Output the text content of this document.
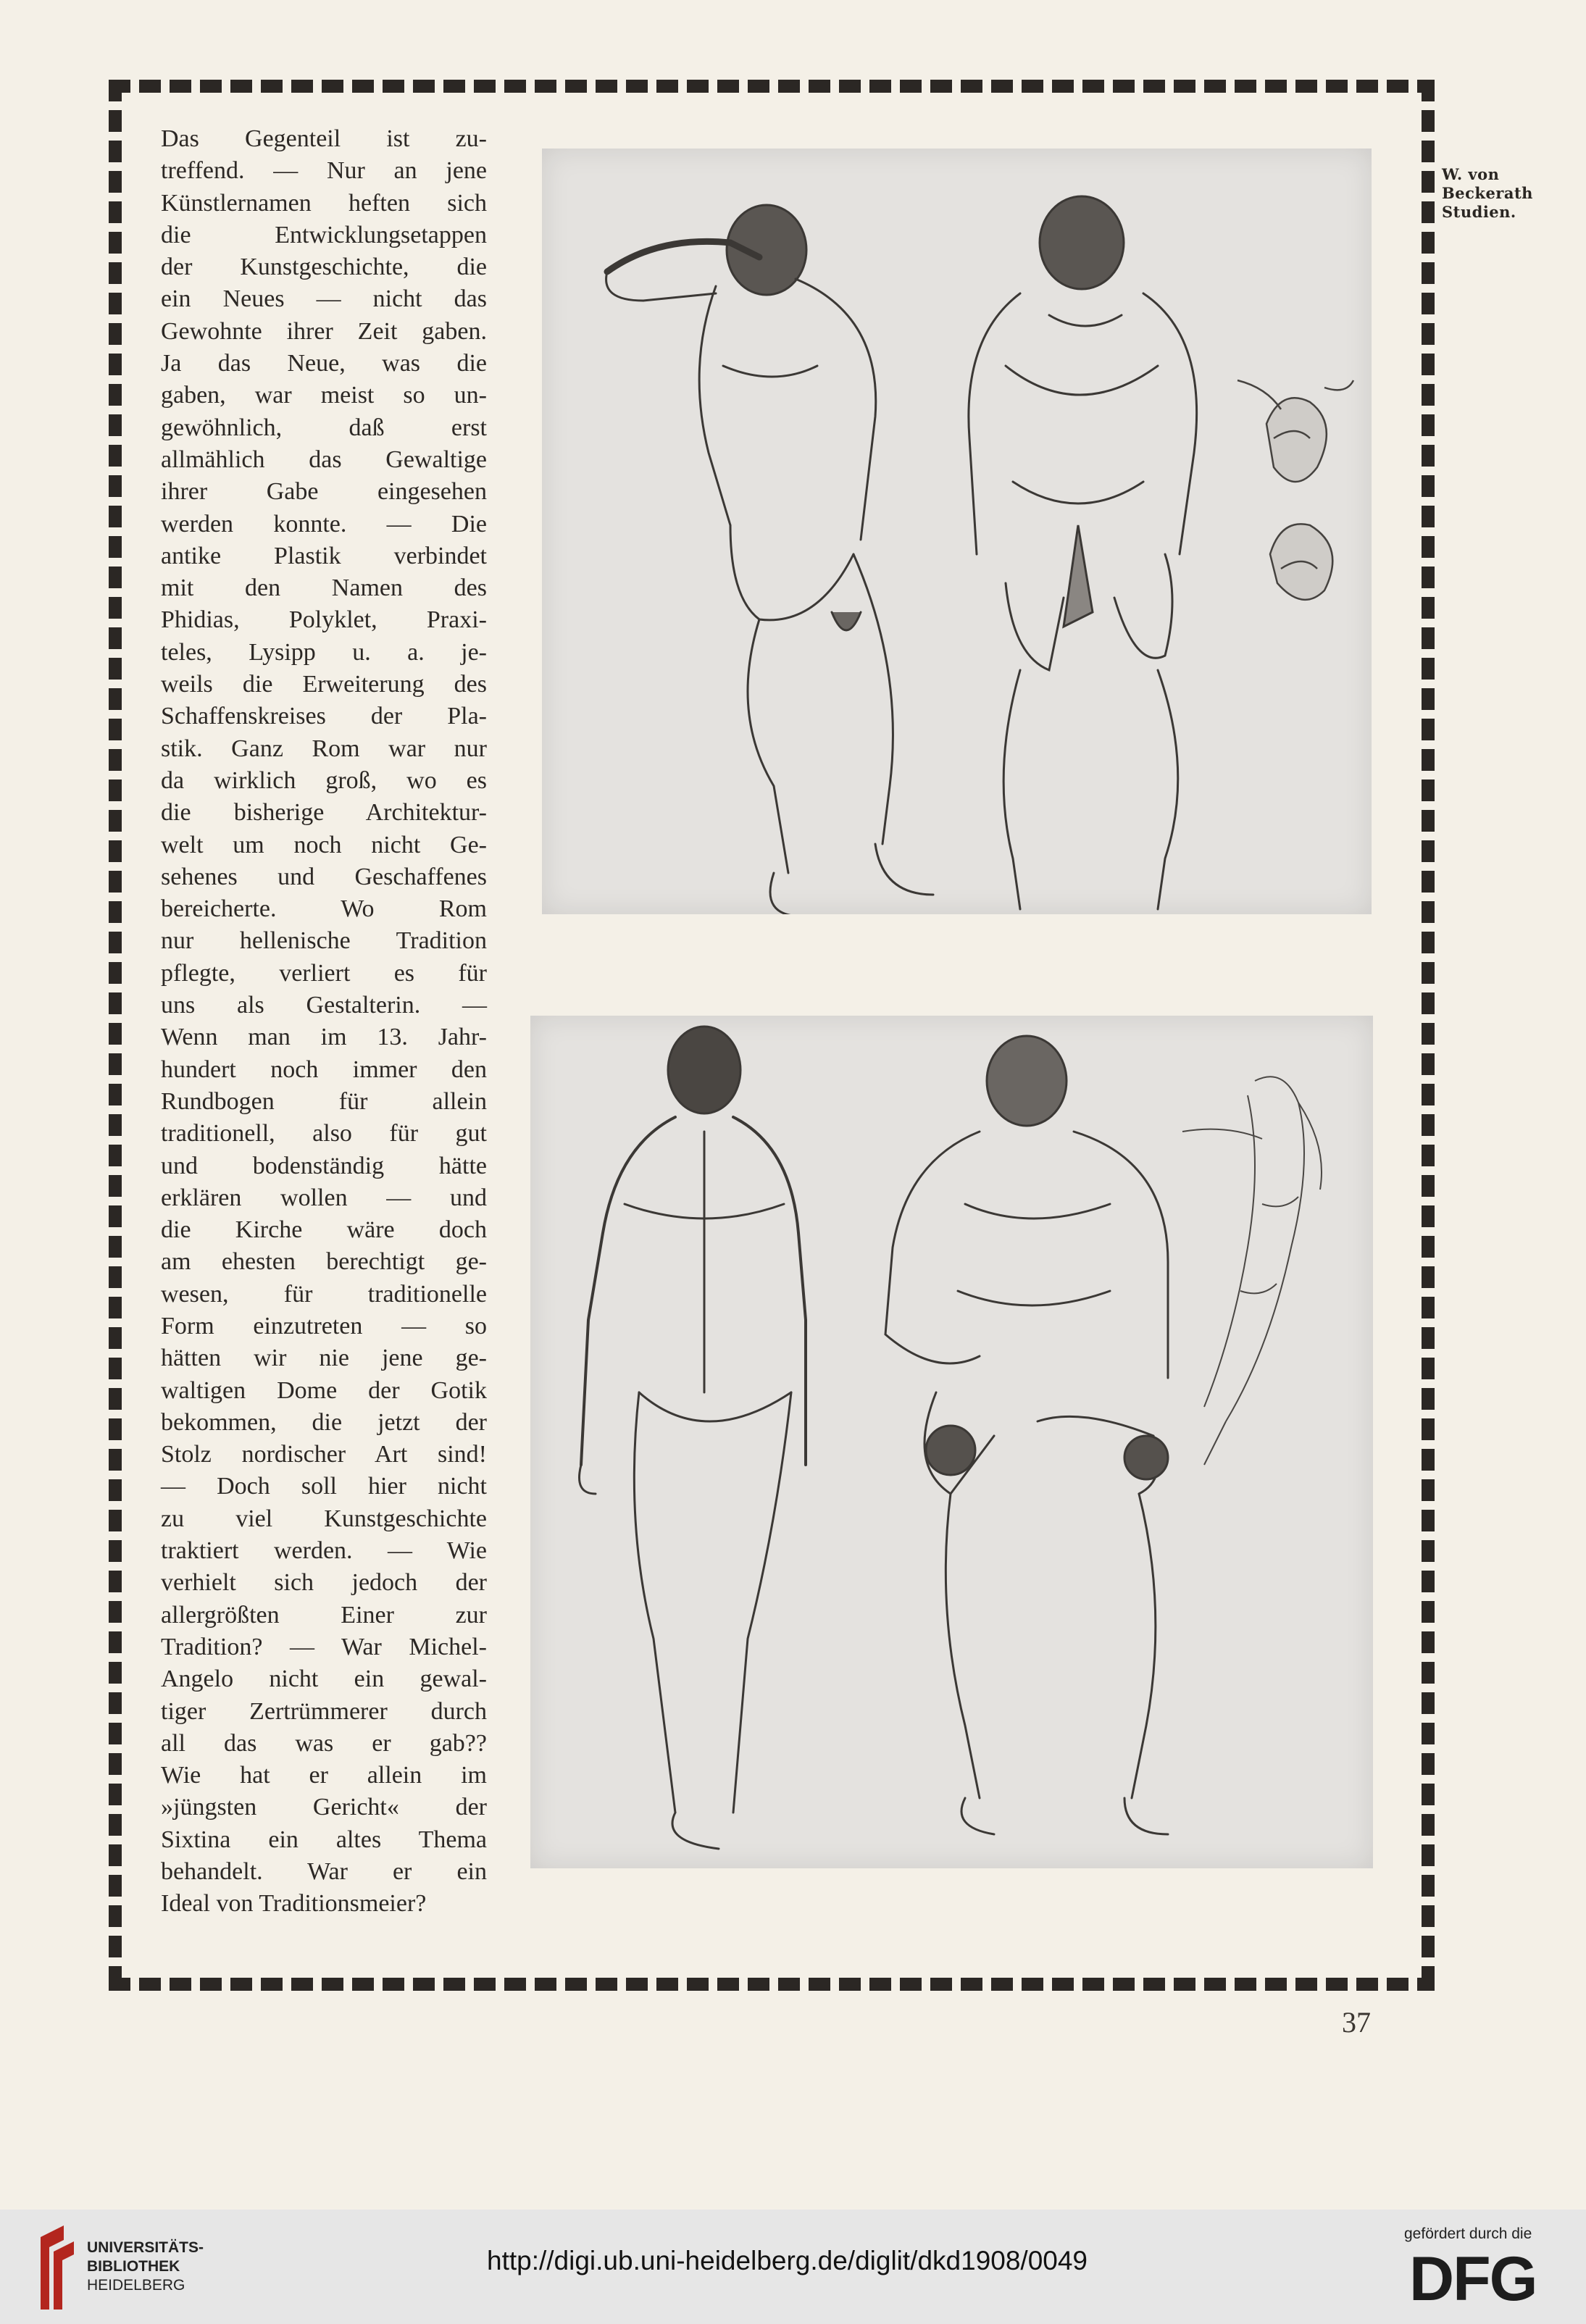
Das Gegenteil ist zu-
treffend. — Nur an jene
Künstlernamen heften sich
die Entwicklungsetappen
der Kunstgeschichte, die
ein Neues — nicht das
Gewohnte ihrer Zeit gaben.
Ja das Neue, was die
gaben, war meist so un-
gewöhnlich, daß erst
allmählich das Gewaltige
ihrer Gabe eingesehen
werden konnte. — Die
antike Plastik verbindet
mit den Namen des
Phidias, Polyklet, Praxi-
teles, Lysipp u. a. je-
weils die Erweiterung des
Schaffenskreises der Pla-
stik. Ganz Rom war nur
da wirklich groß, wo es
die bisherige Architektur-
welt um noch nicht Ge-
sehenes und Geschaffenes
bereicherte. Wo Rom
nur hellenische Tradition
pflegte, verliert es für
uns als Gestalterin. —
Wenn man im 13. Jahr-
hundert noch immer den
Rundbogen für allein
traditionell, also für gut
und bodenständig hätte
erklären wollen — und
die Kirche wäre doch
am ehesten berechtigt ge-
wesen, für traditionelle
Form einzutreten — so
hätten wir nie jene ge-
waltigen Dome der Gotik
bekommen, die jetzt der
Stolz nordischer Art sind!
— Doch soll hier nicht
zu viel Kunstgeschichte
traktiert werden. — Wie
verhielt sich jedoch der
allergrößten Einer zur
Tradition? — War Michel-
Angelo nicht ein gewal-
tiger Zertrümmerer durch
all das was er gab??
Wie hat er allein im
»jüngsten Gericht« der
Sixtina ein altes Thema
behandelt. War er ein
Ideal von Traditionsmeier?
W. von
Beckerath
Studien.
37
UNIVERSITÄTS-
BIBLIOTHEK
HEIDELBERG
http://digi.ub.uni-heidelberg.de/diglit/dkd1908/0049
gefördert durch die
DFG
